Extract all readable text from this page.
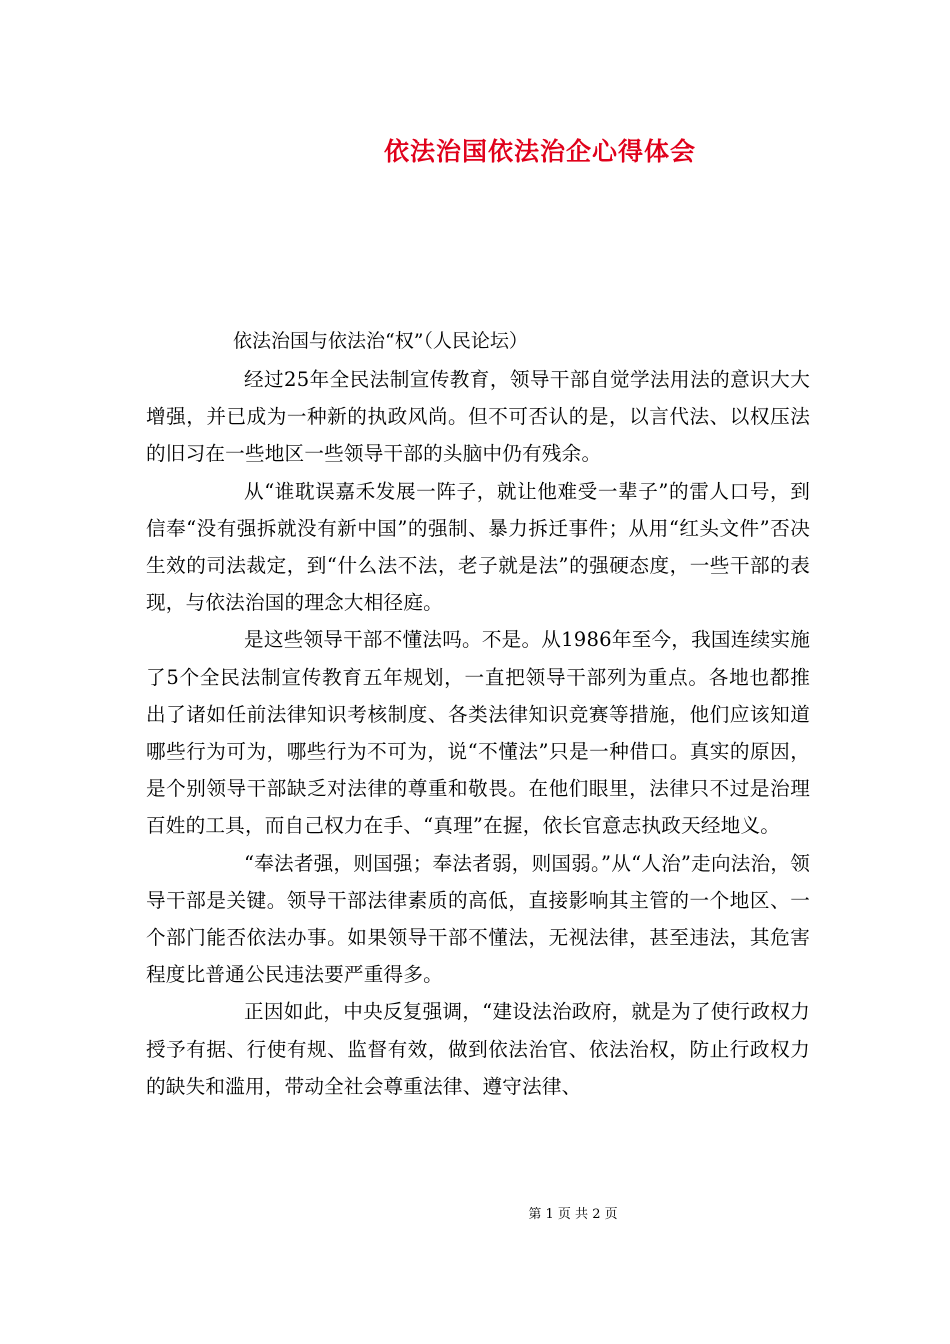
依法治国依法治企心得体会
依法治国与依法治“权”（人民论坛）

经过25年全民法制宣传教育，领导干部自觉学法用法的意识大大增强，并已成为一种新的执政风尚。但不可否认的是，以言代法、以权压法的旧习在一些地区一些领导干部的头脑中仍有残余。

从“谁耽误嘉禾发展一阵子，就让他难受一辈子”的雷人口号，到信奉“没有强拆就没有新中国”的强制、暴力拆迁事件；从用“红头文件”否决生效的司法裁定，到“什么法不法，老子就是法”的强硬态度，一些干部的表现，与依法治国的理念大相径庭。

是这些领导干部不懂法吗。不是。从1986年至今，我国连续实施了5个全民法制宣传教育五年规划，一直把领导干部列为重点。各地也都推出了诸如任前法律知识考核制度、各类法律知识竞赛等措施，他们应该知道哪些行为可为，哪些行为不可为，说“不懂法”只是一种借口。真实的原因，是个别领导干部缺乏对法律的尊重和敬畏。在他们眼里，法律只不过是治理百姓的工具，而自己权力在手、“真理”在握，依长官意志执政天经地义。

“奉法者强，则国强；奉法者弱，则国弱。”从“人治”走向法治，领导干部是关键。领导干部法律素质的高低，直接影响其主管的一个地区、一个部门能否依法办事。如果领导干部不懂法，无视法律，甚至违法，其危害程度比普通公民违法要严重得多。

正因如此，中央反复强调，“建设法治政府，就是为了使行政权力授予有据、行使有规、监督有效，做到依法治官、依法治权，防止行政权力的缺失和滥用，带动全社会尊重法律、遵守法律、

第 1 页 共 2 页
